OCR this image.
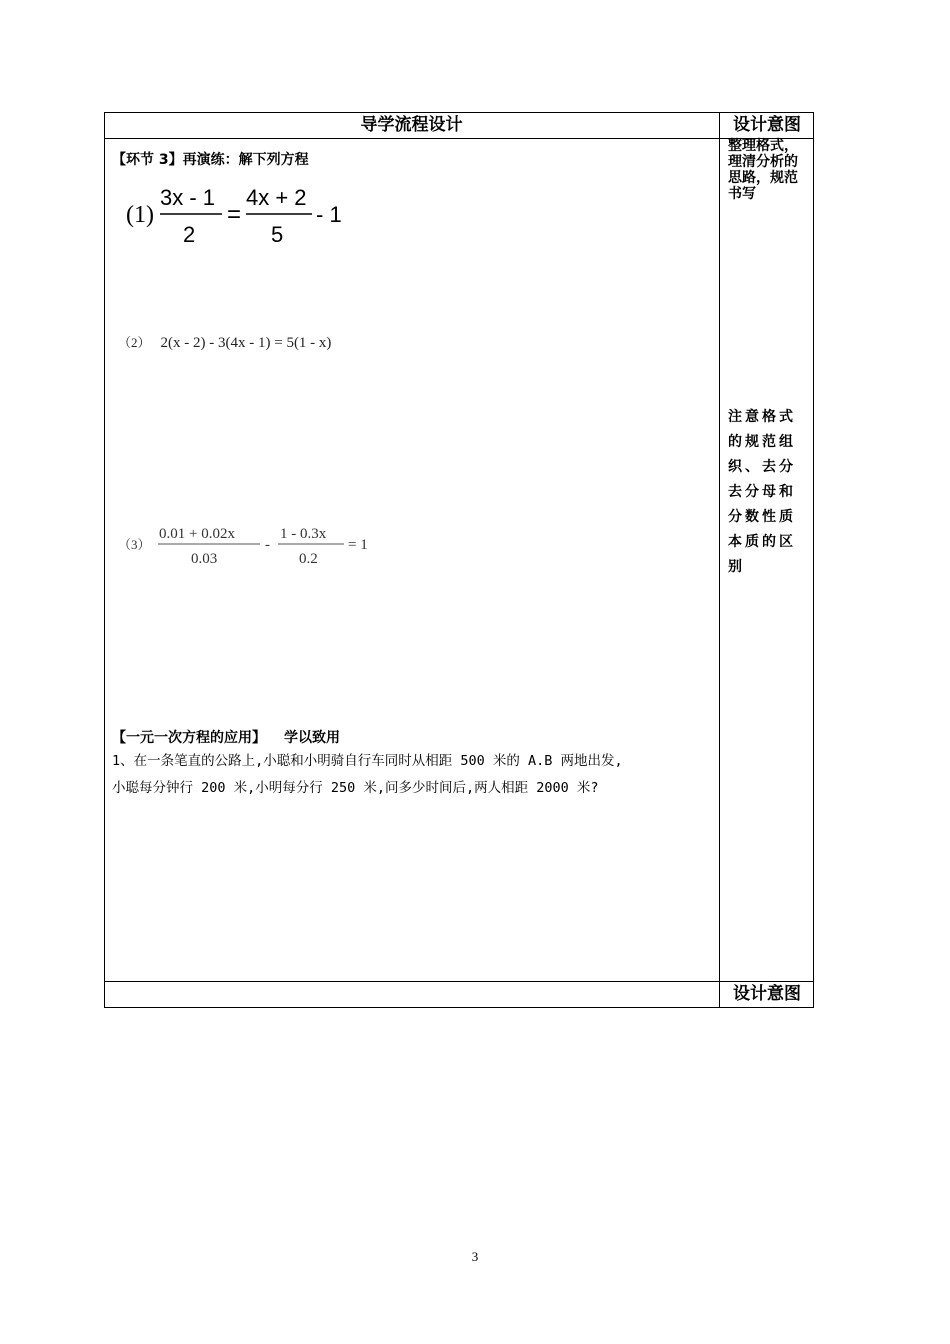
导学流程设计	设计意图
设计意图
【环节 3】再演练：解下列方程
(1)
3x - 1
2
=
4x + 2
5
- 1
（2） 2(x - 2) - 3(4x - 1) = 5(1 - x)
（3）
0.01 + 0.02x
0.03
-
1 - 0.3x
0.2
= 1
【一元一次方程的应用】 学以致用
1、在一条笔直的公路上,小聪和小明骑自行车同时从相距 500 米的 A.B 两地出发,
小聪每分钟行 200 米,小明每分行 250 米,问多少时间后,两人相距 2000 米?
整理格式，理清分析的思路，规范书写
注意格式的规范组织、去分去分母和分数性质本质的区别
3
